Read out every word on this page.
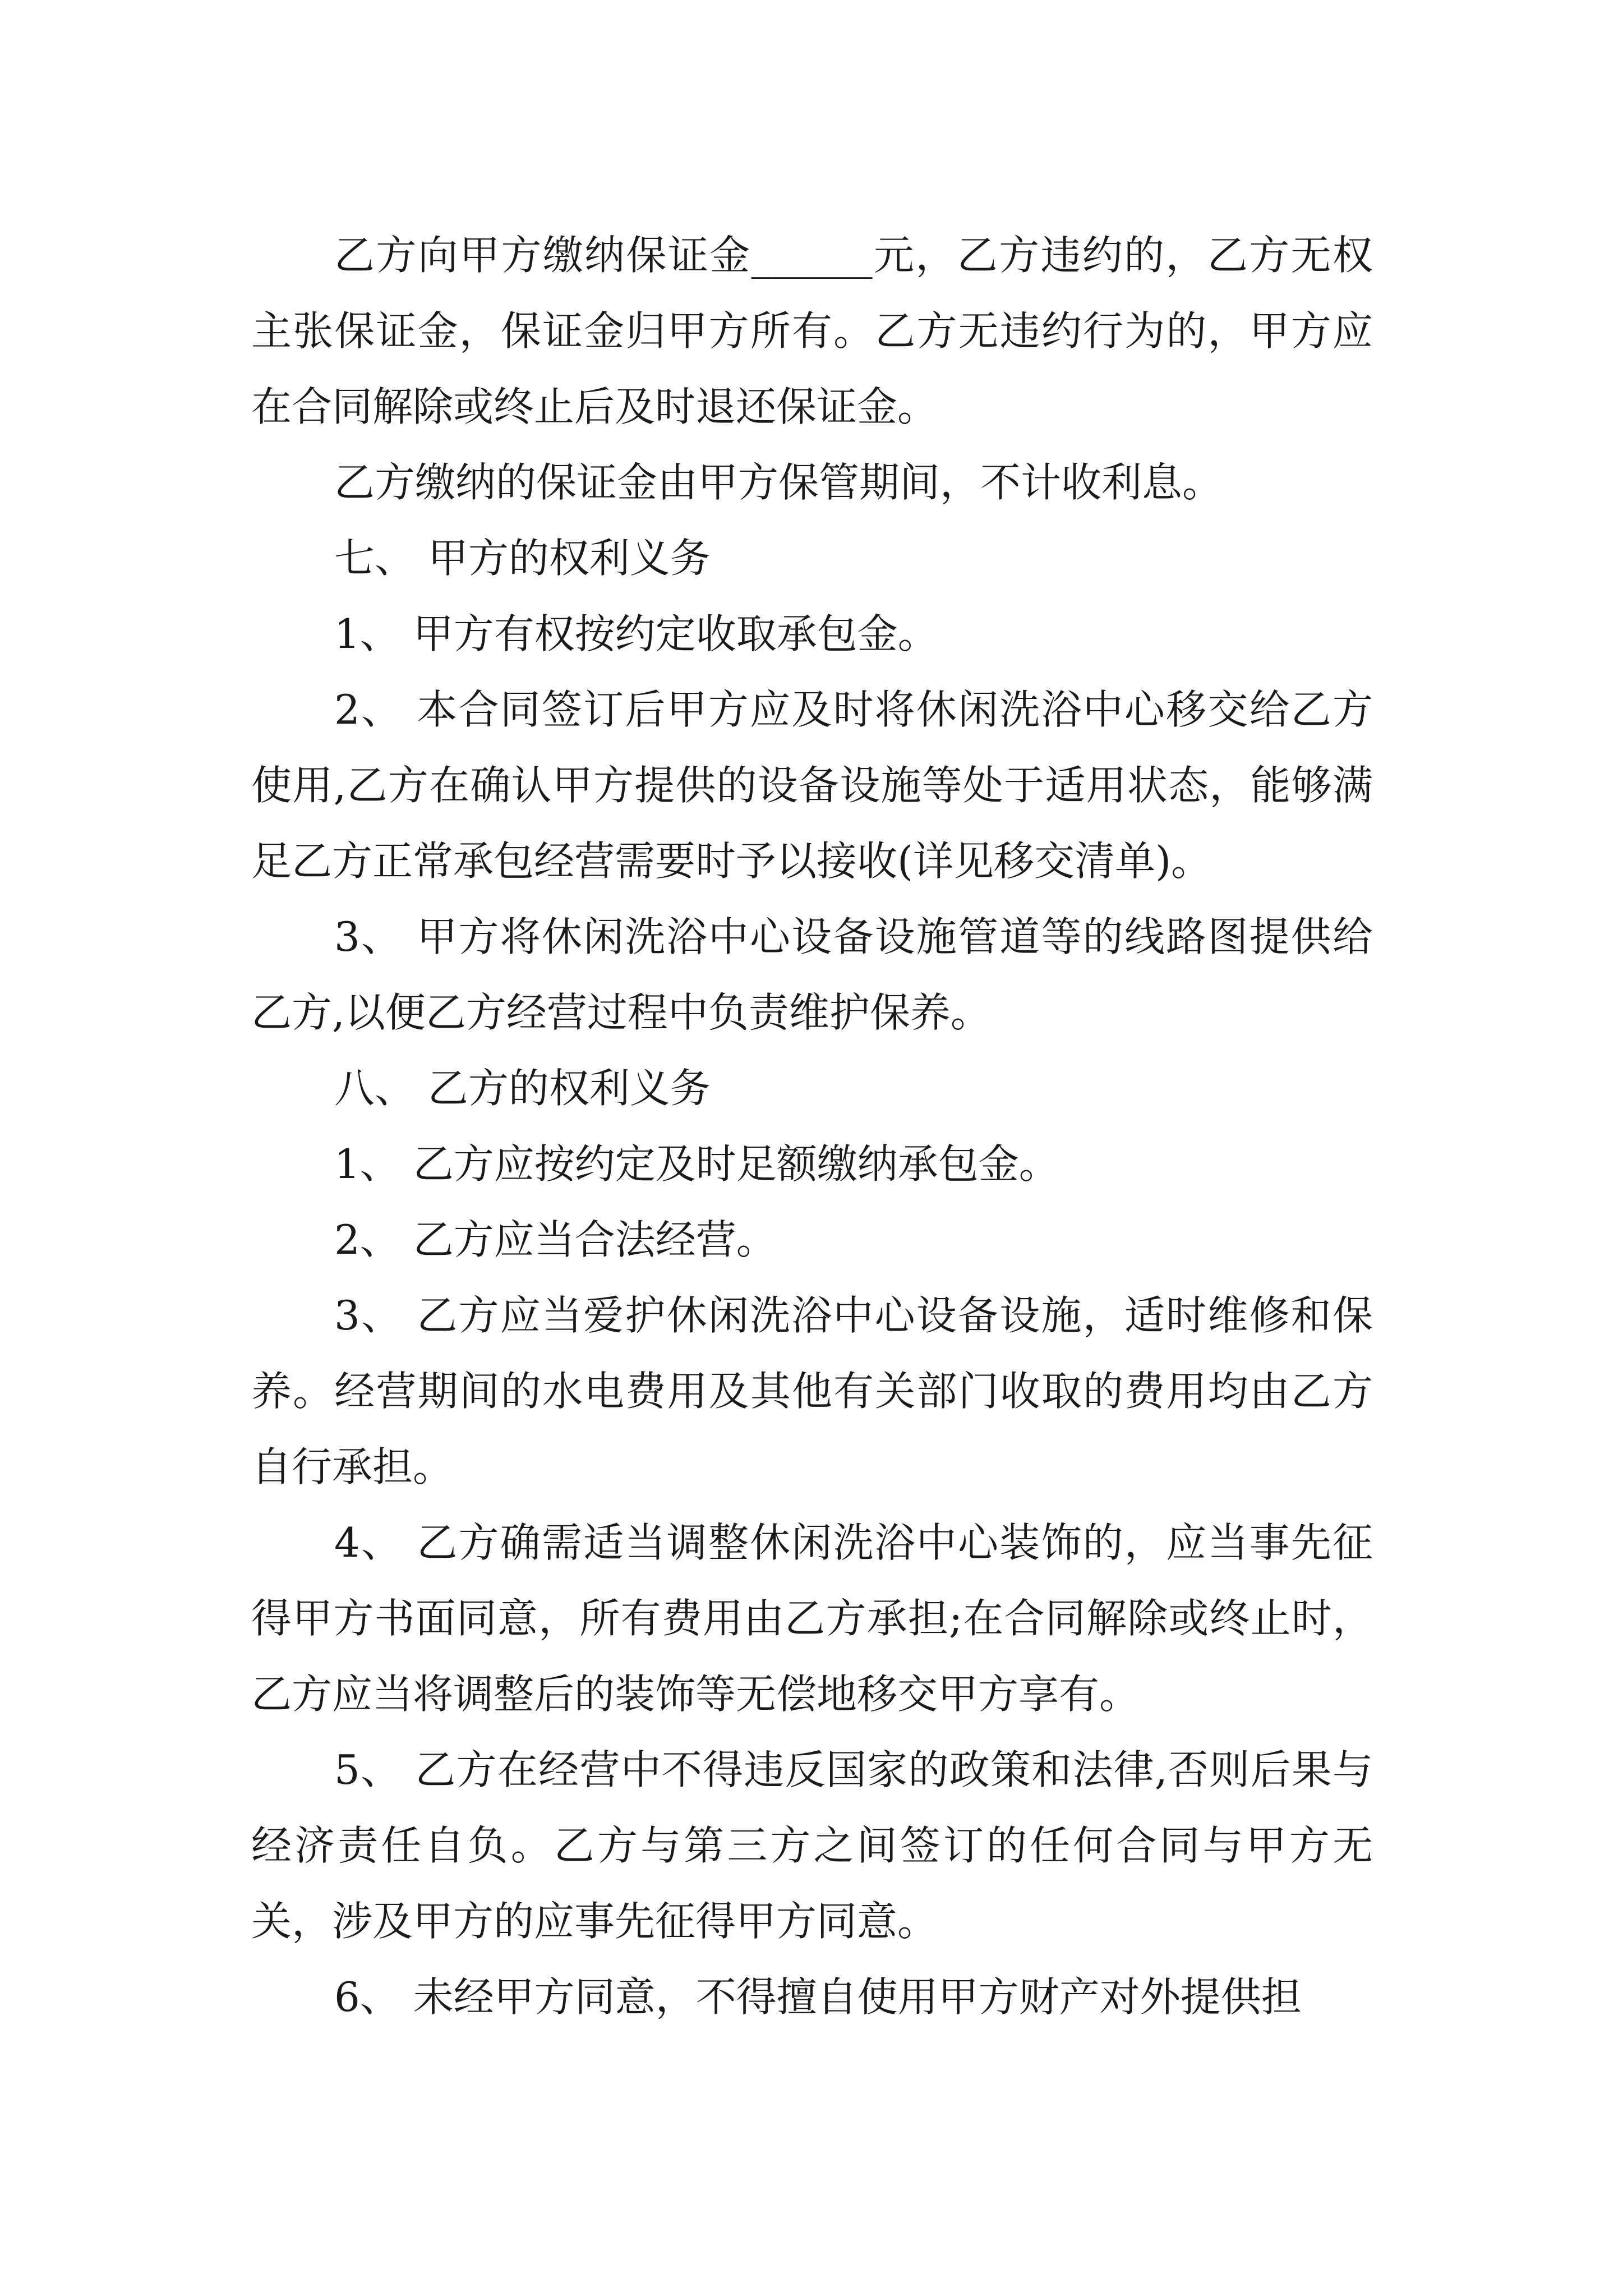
乙方向甲方缴纳保证金______元，乙方违约的，乙方无权主张保证金，保证金归甲方所有。乙方无违约行为的，甲方应在合同解除或终止后及时退还保证金。

乙方缴纳的保证金由甲方保管期间，不计收利息。

七、 甲方的权利义务

1、 甲方有权按约定收取承包金。

2、 本合同签订后甲方应及时将休闲洗浴中心移交给乙方使用,乙方在确认甲方提供的设备设施等处于适用状态，能够满足乙方正常承包经营需要时予以接收(详见移交清单)。

3、 甲方将休闲洗浴中心设备设施管道等的线路图提供给乙方,以便乙方经营过程中负责维护保养。

八、 乙方的权利义务

1、 乙方应按约定及时足额缴纳承包金。

2、 乙方应当合法经营。

3、 乙方应当爱护休闲洗浴中心设备设施，适时维修和保养。经营期间的水电费用及其他有关部门收取的费用均由乙方自行承担。

4、 乙方确需适当调整休闲洗浴中心装饰的，应当事先征得甲方书面同意，所有费用由乙方承担;在合同解除或终止时，乙方应当将调整后的装饰等无偿地移交甲方享有。

5、 乙方在经营中不得违反国家的政策和法律,否则后果与经济责任自负。乙方与第三方之间签订的任何合同与甲方无关，涉及甲方的应事先征得甲方同意。

6、 未经甲方同意，不得擅自使用甲方财产对外提供担
